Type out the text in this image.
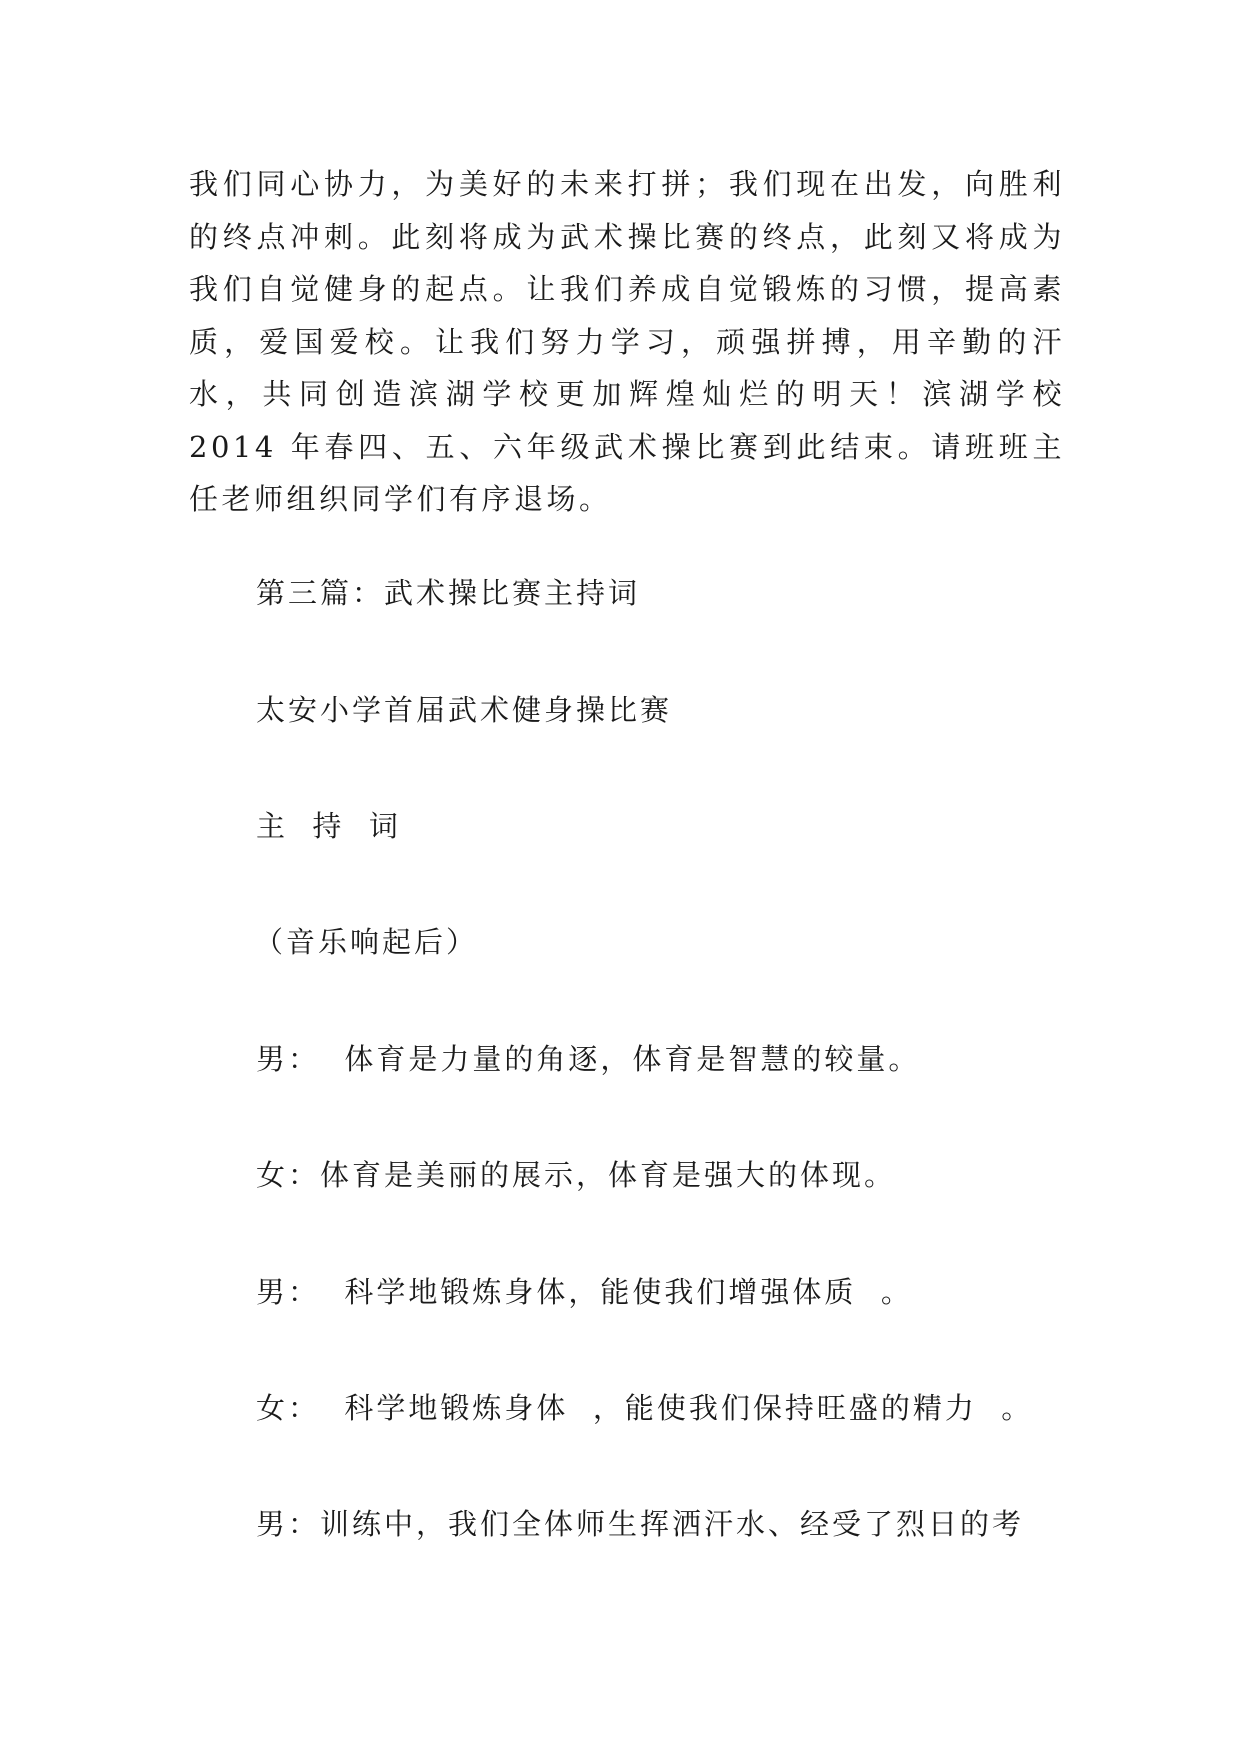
我们同心协力，为美好的未来打拼；我们现在出发，向胜利的终点冲刺。此刻将成为武术操比赛的终点，此刻又将成为我们自觉健身的起点。让我们养成自觉锻炼的习惯，提高素质，爱国爱校。让我们努力学习，顽强拼搏，用辛勤的汗水，共同创造滨湖学校更加辉煌灿烂的明天！滨湖学校 2014 年春四、五、六年级武术操比赛到此结束。请班班主任老师组织同学们有序退场。

第三篇：武术操比赛主持词

太安小学首届武术健身操比赛

主  持  词

（音乐响起后）

男：  体育是力量的角逐，体育是智慧的较量。

女：体育是美丽的展示，体育是强大的体现。

男：  科学地锻炼身体，能使我们增强体质  。

女：  科学地锻炼身体  ，能使我们保持旺盛的精力  。

男：训练中，我们全体师生挥洒汗水、经受了烈日的考
